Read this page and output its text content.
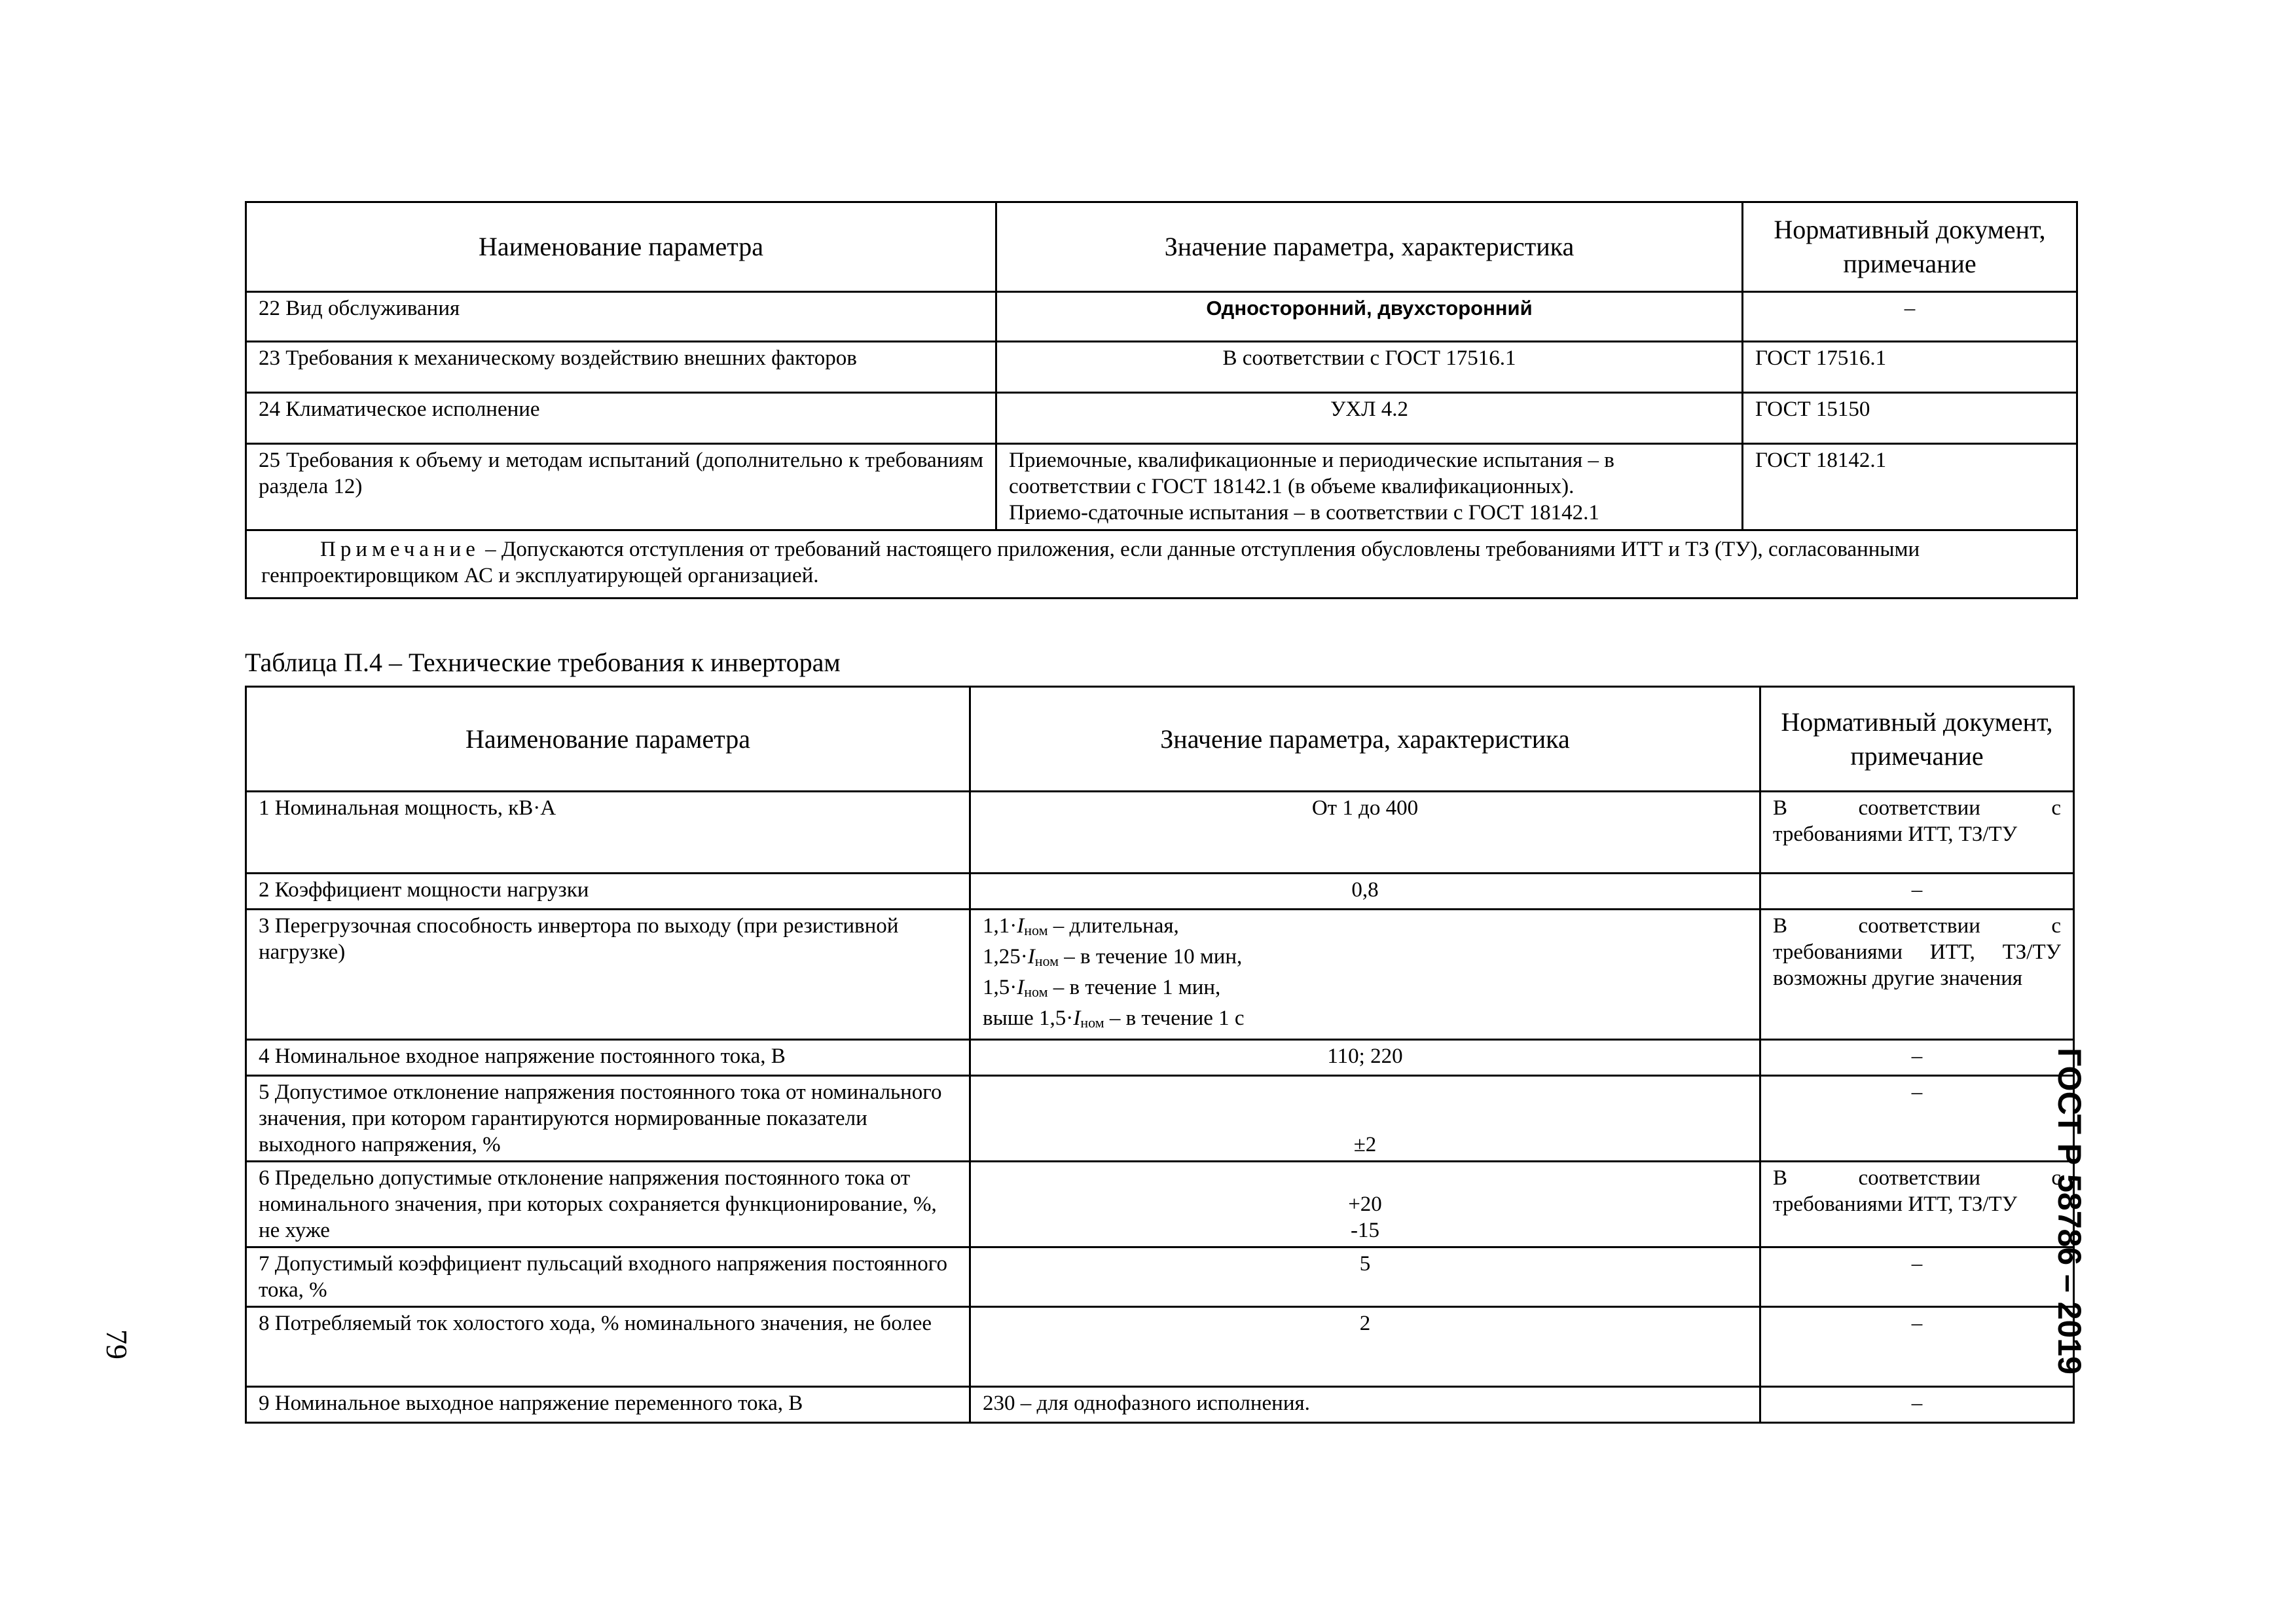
Наименование параметра	Значение параметра, характеристика	Нормативный документ, примечание
22 Вид обслуживания	Односторонний, двухсторонний	–
23 Требования к механическому воздействию внешних факторов	В соответствии с ГОСТ 17516.1	ГОСТ 17516.1
24 Климатическое исполнение	УХЛ 4.2	ГОСТ 15150
25 Требования к объему и методам испытаний (дополнительно к требованиям раздела 12)	Приемочные, квалификационные и периодические испытания – в
соответствии с ГОСТ 18142.1 (в объеме квалификационных).
Приемо-сдаточные испытания – в соответствии с ГОСТ 18142.1	ГОСТ 18142.1
Примечание – Допускаются отступления от требований настоящего приложения, если данные отступления обусловлены требованиями ИТТ и ТЗ (ТУ), согласованными генпроектировщиком АС и эксплуатирующей организацией.		
Таблица П.4 – Технические требования к инверторам
Наименование параметра	Значение параметра, характеристика	Нормативный документ, примечание
1 Номинальная мощность, кВ·А	От 1 до 400	В соответствии с требованиями ИТТ, ТЗ/ТУ
2 Коэффициент мощности нагрузки	0,8	–
3 Перегрузочная способность инвертора по выходу (при резистивной нагрузке)	$1,1\cdot I_{ном}$ – длительная,
$1,25\cdot I_{ном} - в$ течение 10 мин,
$1,5\cdot I_{ном} - в$ течение 1 мин,
выше $1,5\cdot I_{ном} - в$ течение 1 с	В соответствии с требованиями ИТТ, ТЗ/ТУ возможны другие значения
4 Номинальное входное напряжение постоянного тока, В	110; 220	–
5 Допустимое отклонение напряжения постоянного тока от номинального значения, при котором гарантируются нормированные показатели выходного напряжения, %	±2	–
6 Предельно допустимые отклонение напряжения постоянного тока от номинального значения, при которых сохраняется функционирование, %, не хуже	+20
-15	В соответствии с требованиями ИТТ, ТЗ/ТУ
7 Допустимый коэффициент пульсаций входного напряжения постоянного тока, %	5	–
8 Потребляемый ток холостого хода, % номинального значения, не более	2	–
9 Номинальное выходное напряжение переменного тока, В	230 – для однофазного исполнения.	–
ГОСТ Р 58786 – 2019
79
